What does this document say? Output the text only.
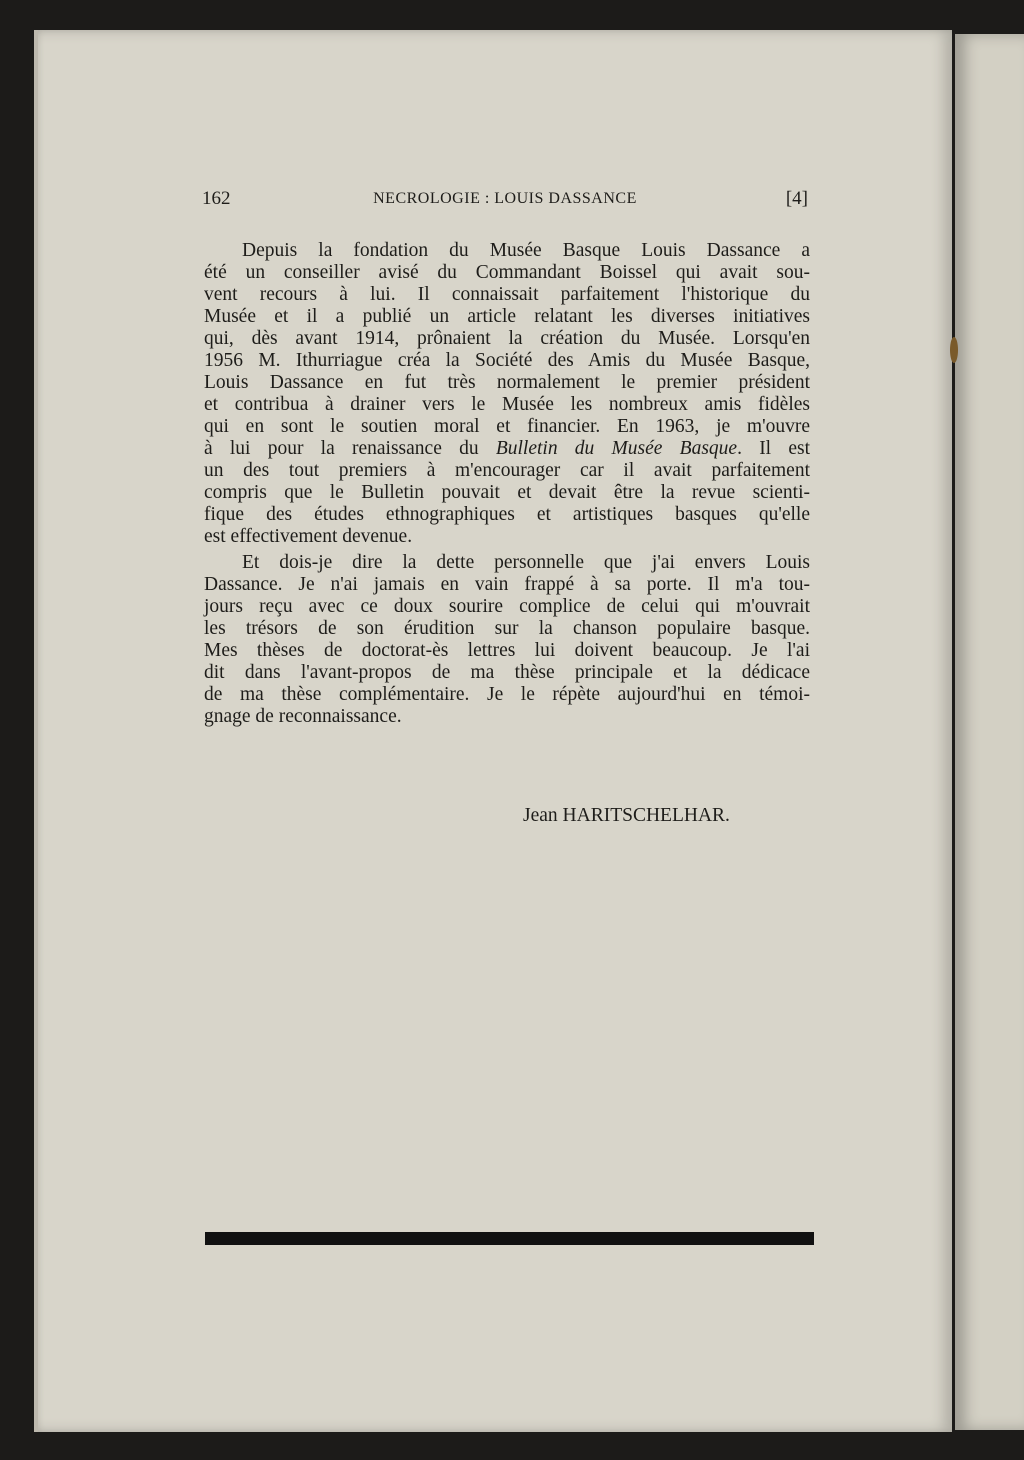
162	NECROLOGIE : LOUIS DASSANCE	[4]
Depuis la fondation du Musée Basque Louis Dassance a
été un conseiller avisé du Commandant Boissel qui avait sou-
vent recours à lui. Il connaissait parfaitement l'historique du
Musée et il a publié un article relatant les diverses initiatives
qui, dès avant 1914, prônaient la création du Musée. Lorsqu'en
1956 M. Ithurriague créa la Société des Amis du Musée Basque,
Louis Dassance en fut très normalement le premier président
et contribua à drainer vers le Musée les nombreux amis fidèles
qui en sont le soutien moral et financier. En 1963, je m'ouvre
à lui pour la renaissance du Bulletin du Musée Basque. Il est
un des tout premiers à m'encourager car il avait parfaitement
compris que le Bulletin pouvait et devait être la revue scienti-
fique des études ethnographiques et artistiques basques qu'elle
est effectivement devenue.
Et dois-je dire la dette personnelle que j'ai envers Louis
Dassance. Je n'ai jamais en vain frappé à sa porte. Il m'a tou-
jours reçu avec ce doux sourire complice de celui qui m'ouvrait
les trésors de son érudition sur la chanson populaire basque.
Mes thèses de doctorat-ès lettres lui doivent beaucoup. Je l'ai
dit dans l'avant-propos de ma thèse principale et la dédicace
de ma thèse complémentaire. Je le répète aujourd'hui en témoi-
gnage de reconnaissance.
Jean HARITSCHELHAR.
